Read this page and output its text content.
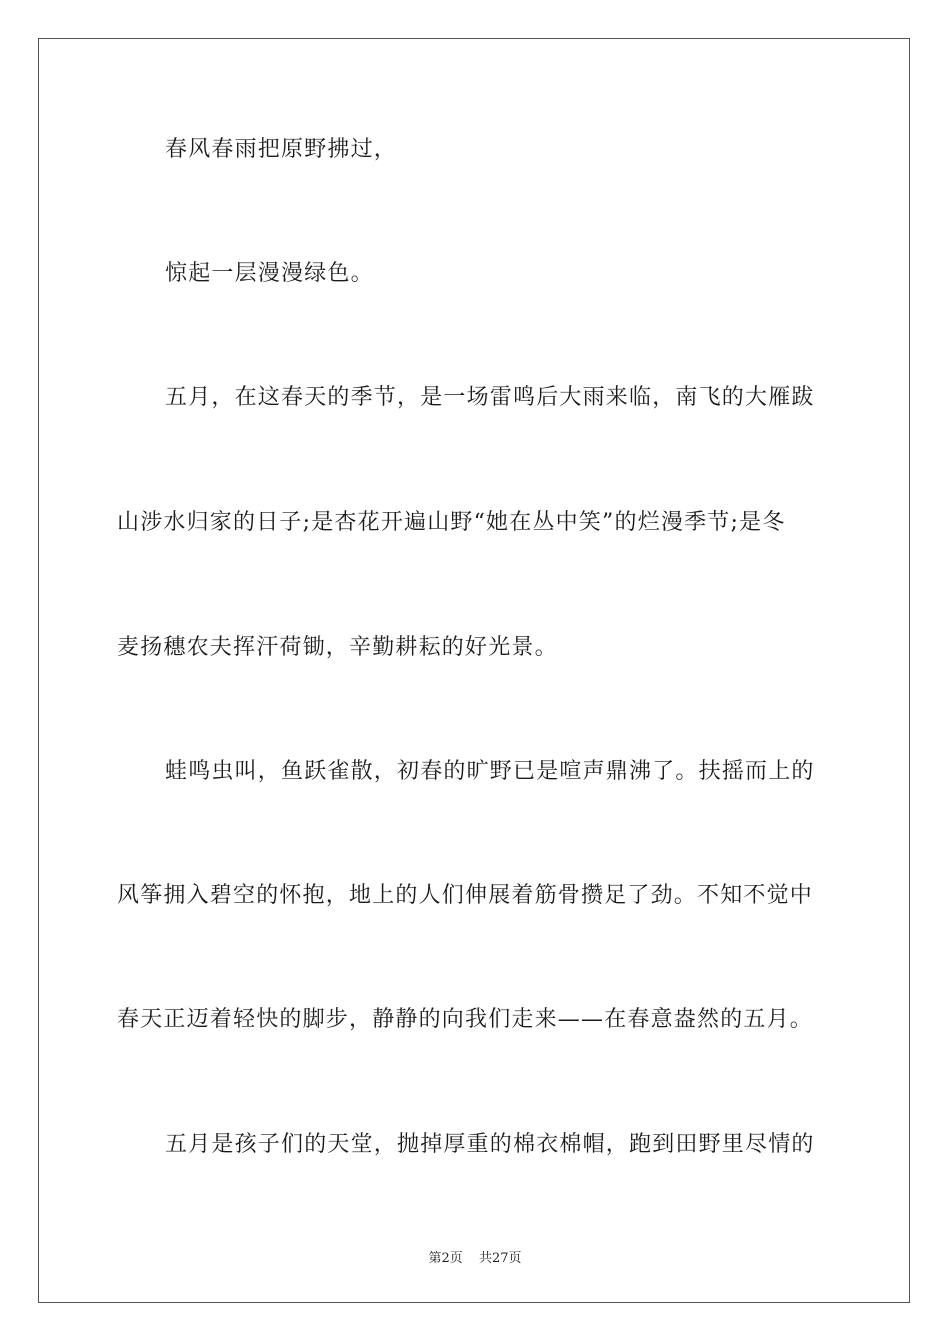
春风春雨把原野拂过，
惊起一层漫漫绿色。
五月，在这春天的季节，是一场雷鸣后大雨来临，南飞的大雁跋
山涉水归家的日子;是杏花开遍山野“她在丛中笑”的烂漫季节;是冬
麦扬穗农夫挥汗荷锄，辛勤耕耘的好光景。
蛙鸣虫叫，鱼跃雀散，初春的旷野已是喧声鼎沸了。扶摇而上的
风筝拥入碧空的怀抱，地上的人们伸展着筋骨攒足了劲。不知不觉中
春天正迈着轻快的脚步，静静的向我们走来——在春意盎然的五月。
五月是孩子们的天堂，抛掉厚重的棉衣棉帽，跑到田野里尽情的
第2页 共27页
